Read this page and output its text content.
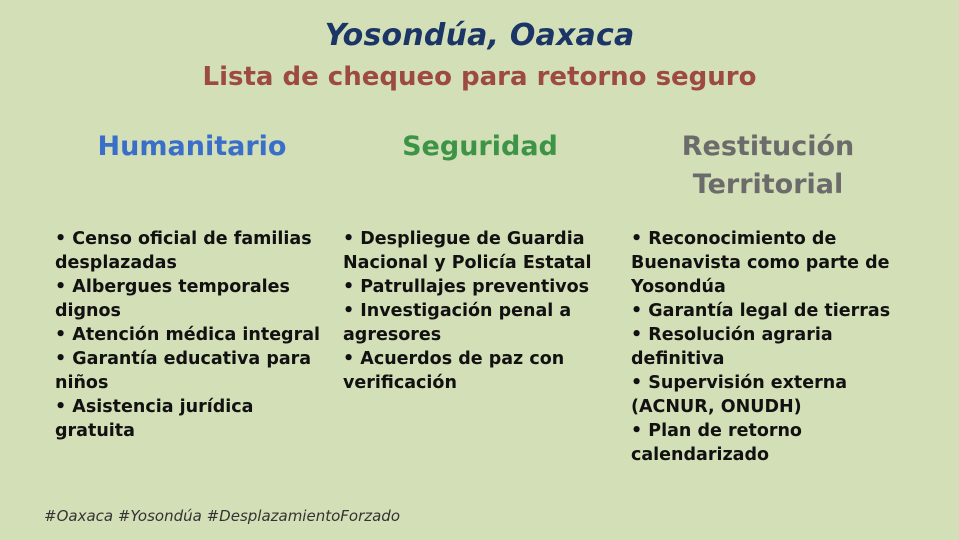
Yosondúa, Oaxaca
Lista de chequeo para retorno seguro
Humanitario	Seguridad	Restitución
Territorial
• Censo oficial de familias desplazadas
• Albergues temporales dignos
• Atención médica integral
• Garantía educativa para niños
• Asistencia jurídica gratuita
• Despliegue de Guardia Nacional y Policía Estatal
• Patrullajes preventivos
• Investigación penal a agresores
• Acuerdos de paz con verificación
• Reconocimiento de Buenavista como parte de Yosondúa
• Garantía legal de tierras
• Resolución agraria definitiva
• Supervisión externa (ACNUR, ONUDH)
• Plan de retorno calendarizado
#Oaxaca #Yosondúa #DesplazamientoForzado
